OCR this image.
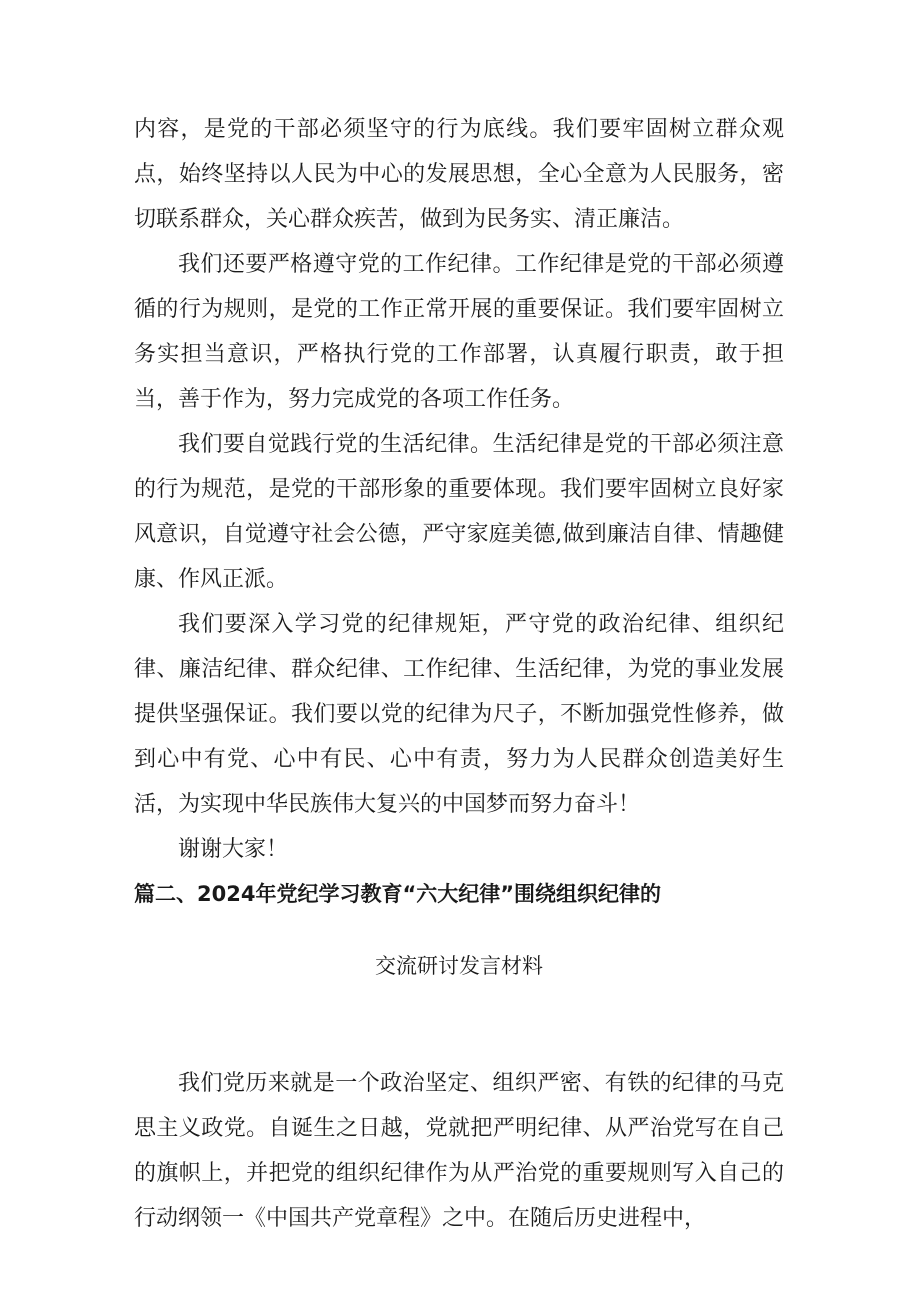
内容，是党的干部必须坚守的行为底线。我们要牢固树立群众观点，始终坚持以人民为中心的发展思想，全心全意为人民服务，密切联系群众，关心群众疾苦，做到为民务实、清正廉洁。

我们还要严格遵守党的工作纪律。工作纪律是党的干部必须遵循的行为规则，是党的工作正常开展的重要保证。我们要牢固树立务实担当意识，严格执行党的工作部署，认真履行职责，敢于担当，善于作为，努力完成党的各项工作任务。

我们要自觉践行党的生活纪律。生活纪律是党的干部必须注意的行为规范，是党的干部形象的重要体现。我们要牢固树立良好家风意识，自觉遵守社会公德，严守家庭美德,做到廉洁自律、情趣健康、作风正派。

我们要深入学习党的纪律规矩，严守党的政治纪律、组织纪律、廉洁纪律、群众纪律、工作纪律、生活纪律，为党的事业发展提供坚强保证。我们要以党的纪律为尺子，不断加强党性修养，做到心中有党、心中有民、心中有责，努力为人民群众创造美好生活，为实现中华民族伟大复兴的中国梦而努力奋斗！

谢谢大家！

篇二、2024年党纪学习教育“六大纪律”围绕组织纪律的

交流研讨发言材料

我们党历来就是一个政治坚定、组织严密、有铁的纪律的马克思主义政党。自诞生之日越，党就把严明纪律、从严治党写在自己的旗帜上，并把党的组织纪律作为从严治党的重要规则写入自己的行动纲领一《中国共产党章程》之中。在随后历史进程中，
